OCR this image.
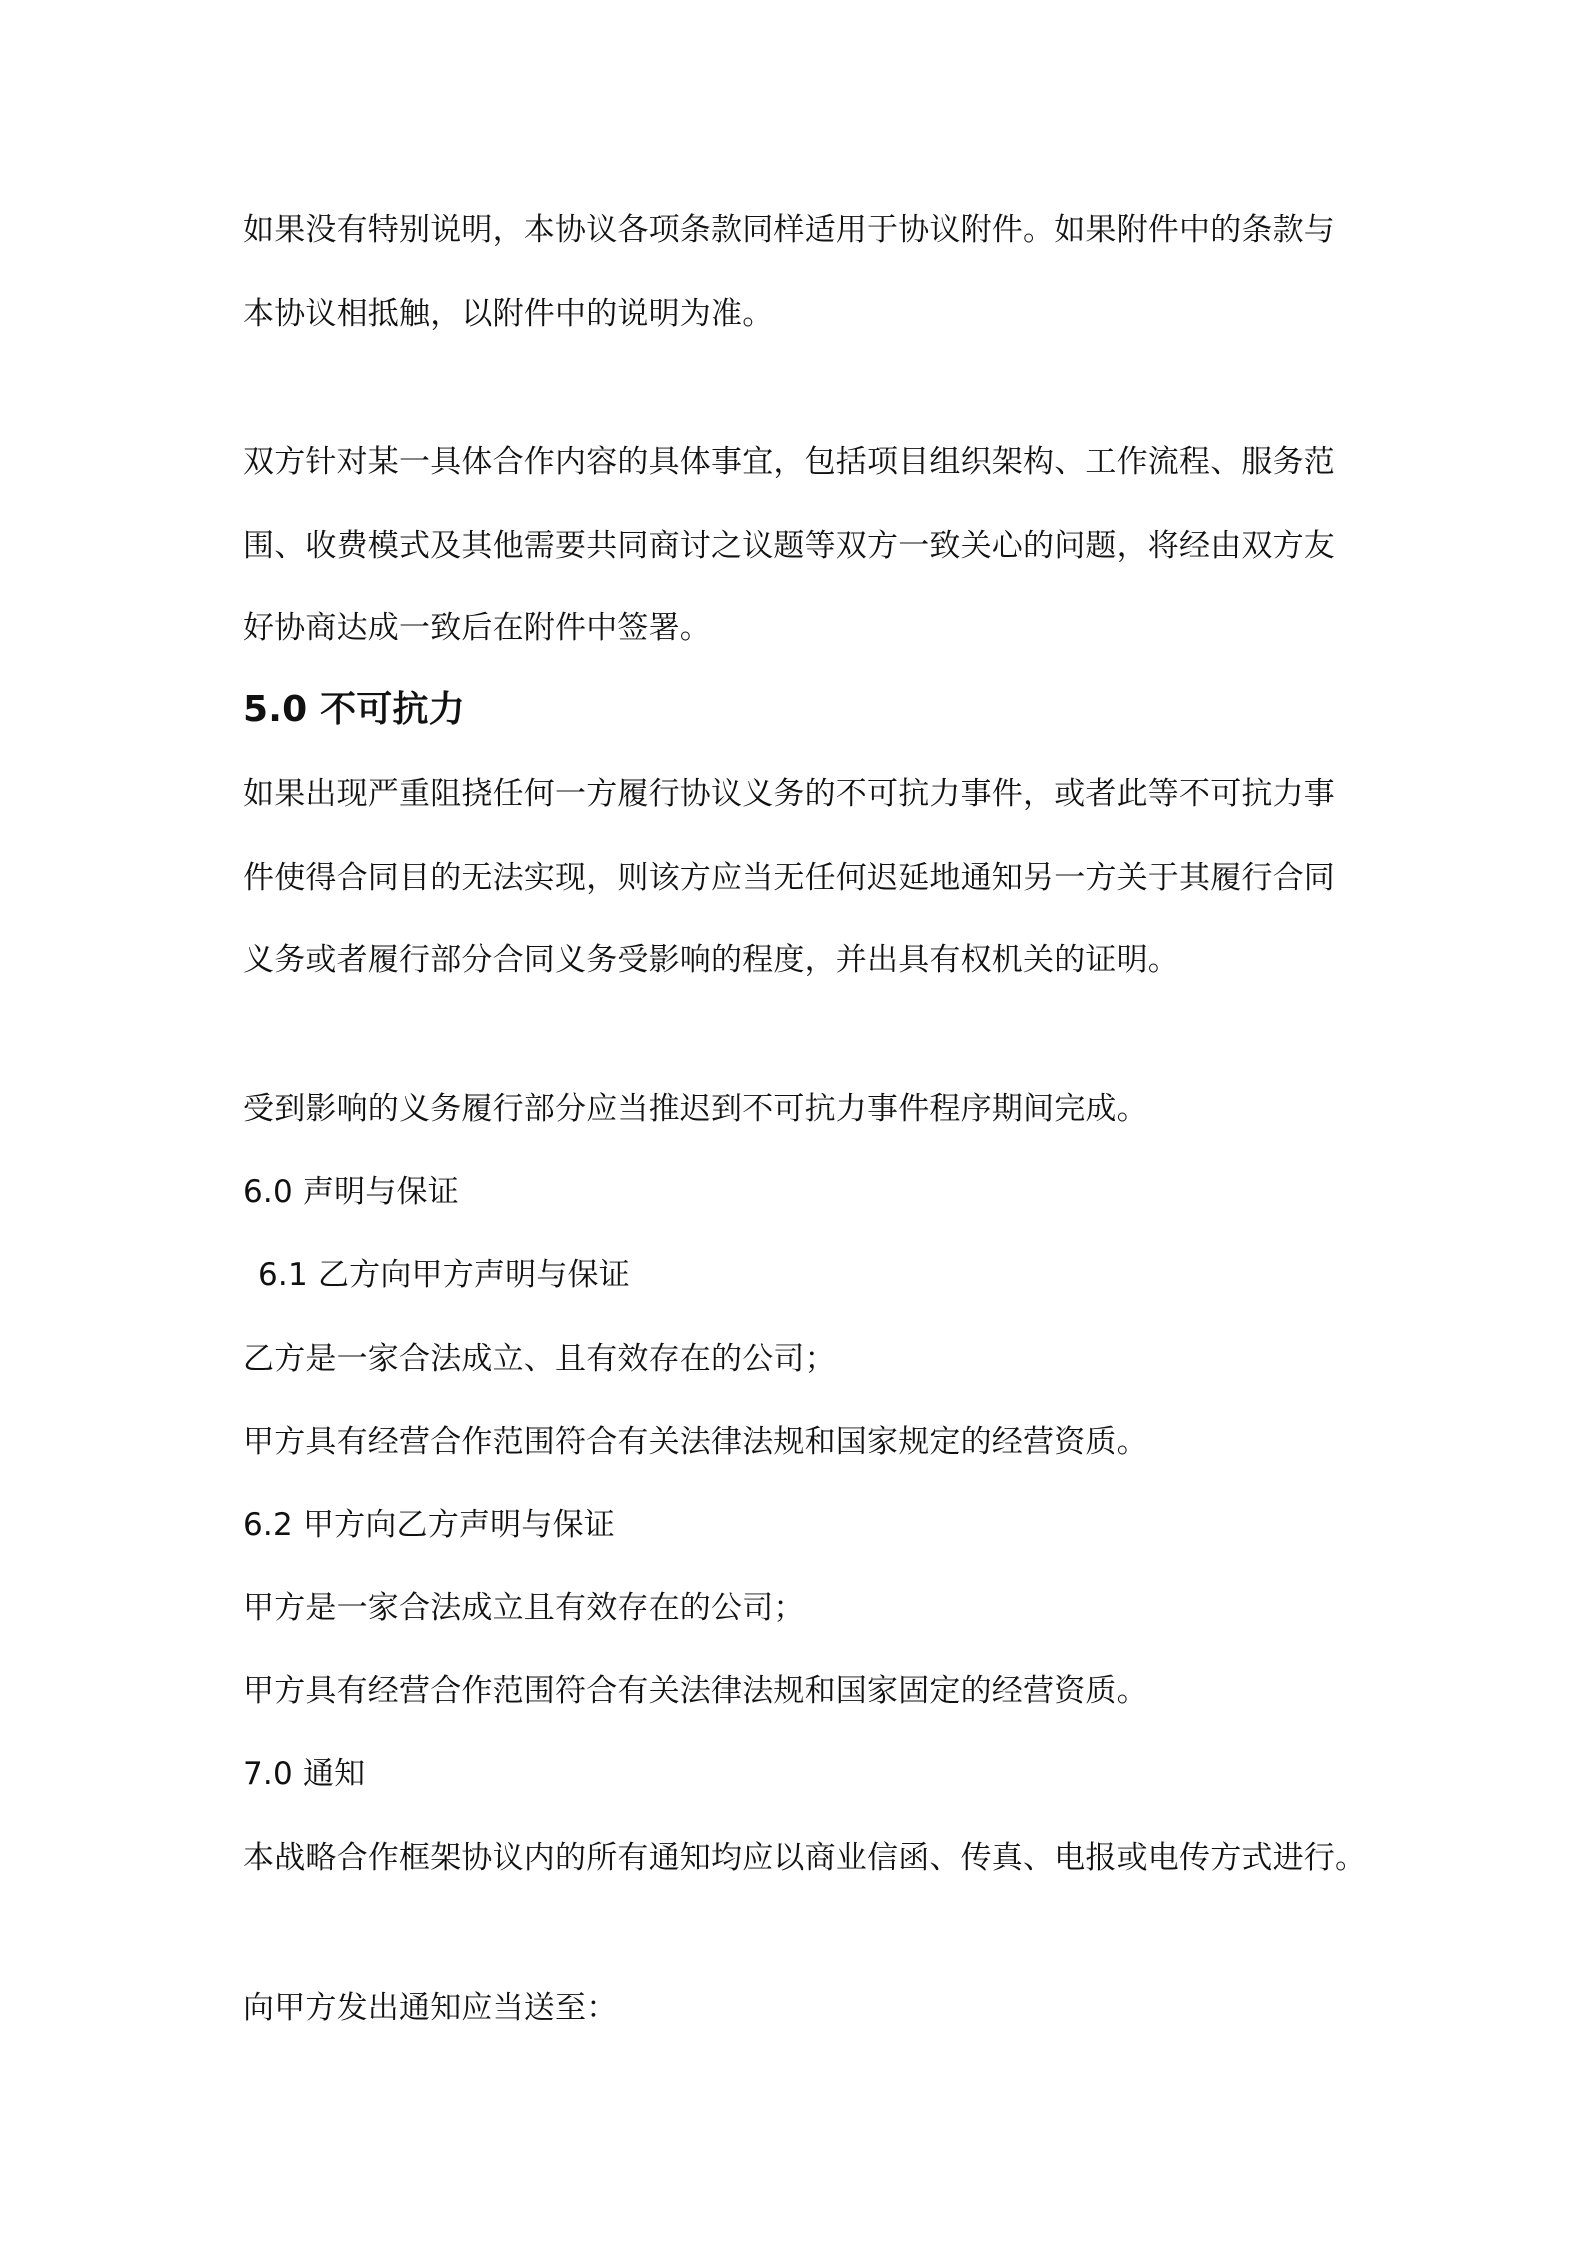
如果没有特别说明，本协议各项条款同样适用于协议附件。如果附件中的条款与
本协议相抵触，以附件中的说明为准。
双方针对某一具体合作内容的具体事宜，包括项目组织架构、工作流程、服务范
围、收费模式及其他需要共同商讨之议题等双方一致关心的问题，将经由双方友
好协商达成一致后在附件中签署。
5.0 不可抗力
如果出现严重阻挠任何一方履行协议义务的不可抗力事件，或者此等不可抗力事
件使得合同目的无法实现，则该方应当无任何迟延地通知另一方关于其履行合同
义务或者履行部分合同义务受影响的程度，并出具有权机关的证明。
受到影响的义务履行部分应当推迟到不可抗力事件程序期间完成。
6.0 声明与保证
6.1 乙方向甲方声明与保证
乙方是一家合法成立、且有效存在的公司；
甲方具有经营合作范围符合有关法律法规和国家规定的经营资质。
6.2 甲方向乙方声明与保证
甲方是一家合法成立且有效存在的公司；
甲方具有经营合作范围符合有关法律法规和国家固定的经营资质。
7.0 通知
本战略合作框架协议内的所有通知均应以商业信函、传真、电报或电传方式进行。
向甲方发出通知应当送至：
